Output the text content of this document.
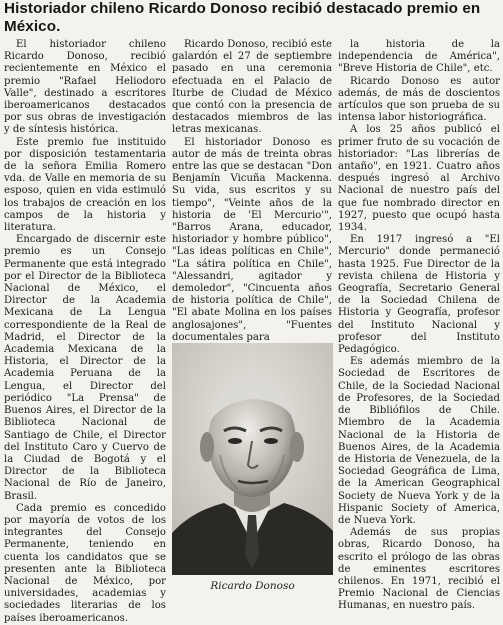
Historiador chileno Ricardo Donoso recibió destacado premio en México.

El historiador chileno Ricardo Donoso, recibió recientemente en México el premio "Rafael Heliodoro Valle", destinado a escritores iberoamericanos destacados por sus obras de investigación y de síntesis histórica.

Este premio fue instituido por disposición testamentaria de la señora Emilia Romero vda. de Valle en memoria de su esposo, quien en vida estimuló los trabajos de creación en los campos de la historia y literatura.

Encargado de discernir este premio es un Consejo Permanente que está integrado por el Director de la Biblioteca Nacional de México, el Director de la Academia Mexicana de La Lengua correspondiente de la Real de Madrid, el Director de la Academia Mexicana de la Historia, el Director de la Academia Peruana de la Lengua, el Director del periódico "La Prensa" de Buenos Aires, el Director de la Biblioteca Nacional de Santiago de Chile, el Director del Instituto Caro y Cuervo de la Ciudad de Bogotá y el Director de la Biblioteca Nacional de Río de Janeiro, Brasil.

Cada premio es concedido por mayoría de votos de los integrantes del Consejo Permanente, teniendo en cuenta los candidatos que se presenten ante la Biblioteca Nacional de México, por universidades, academias y sociedades literarias de los países iberoamericanos.

Ricardo Donoso, recibió este galardón el 27 de septiembre pasado en una ceremonia efectuada en el Palacio de Iturbe de Ciudad de México que contó con la presencia de destacados miembros de las letras mexicanas.

El historiador Donoso es autor de más de treinta obras entre las que se destacan "Don Benjamín Vicuña Mackenna. Su vida, sus escritos y su tiempo", "Veinte años de la historia de 'El Mercurio'", "Barros Arana, educador, historiador y hombre público", "Las ideas políticas en Chile", "La sátira política en Chile", "Alessandri, agitador y demoledor", "Cincuenta años de historia política de Chile", "El abate Molina en los países anglosajones", "Fuentes documentales para

la historia de la independencia de América", "Breve Historia de Chile", etc.

Ricardo Donoso es autor además, de más de doscientos artículos que son prueba de su intensa labor historiográfica.

A los 25 años publicó el primer fruto de su vocación de historiador: "Las librerías de antaño", en 1921. Cuatro años después ingresó al Archivo Nacional de nuestro país del que fue nombrado director en 1927, puesto que ocupó hasta 1934.

En 1917 ingresó a "El Mercurio" donde permaneció hasta 1925. Fue Director de la revista chilena de Historia y Geografía, Secretario General de la Sociedad Chilena de Historia y Geografía, profesor del Instituto Nacional y profesor del Instituto Pedagógico.

Es además miembro de la Sociedad de Escritores de Chile, de la Sociedad Nacional de Profesores, de la Sociedad de Bibliófilos de Chile. Miembro de la Academia Nacional de la Historia de Buenos Aires, de la Academia de Historia de Venezuela, de la Sociedad Geográfica de Lima, de la American Geographical Society de Nueva York y de la Hispanic Society of America, de Nueva York.

Además de sus propias obras, Ricardo Donoso, ha escrito el prólogo de las obras de eminentes escritores chilenos. En 1971, recibió el Premio Nacional de Ciencias Humanas, en nuestro país.

Ricardo Donoso
